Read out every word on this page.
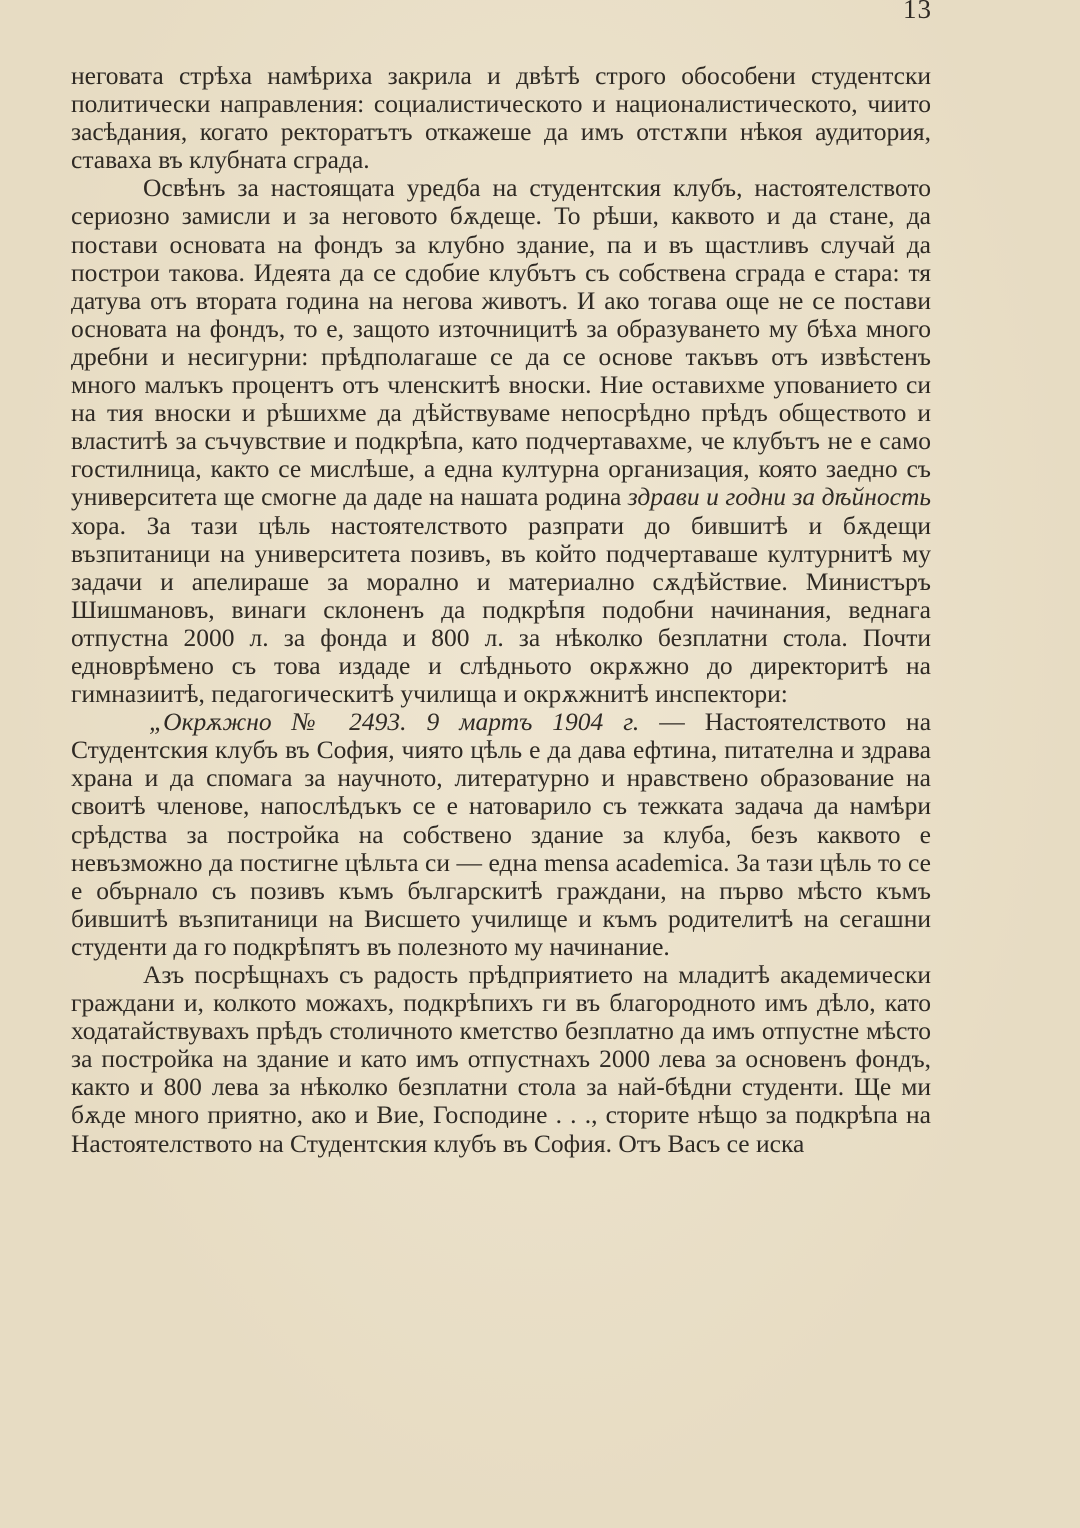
13

неговата стрѣха намѣриха закрила и двѣтѣ строго обособени студентски политически направления: социалистическото и националистическото, чиито засѣдания, когато ректоратътъ откажеше да имъ отстѫпи нѣкоя аудитория, ставаха въ клубната сграда.

Освѣнъ за настоящата уредба на студентския клубъ, настоятелството сериозно замисли и за неговото бѫдеще. То рѣши, каквото и да стане, да постави основата на фондъ за клубно здание, па и въ щастливъ случай да построи такова. Идеята да се сдобие клубътъ съ собствена сграда е стара: тя датува отъ втората година на негова животъ. И ако тогава още не се постави основата на фондъ, то е, защото източницитѣ за образуването му бѣха много дребни и несигурни: прѣдполагаше се да се основе такъвъ отъ извѣстенъ много малъкъ процентъ отъ членскитѣ вноски. Ние оставихме упованието си на тия вноски и рѣшихме да дѣйствуваме непосрѣдно прѣдъ обществото и властитѣ за съчувствие и подкрѣпа, като подчертавахме, че клубътъ не е само гостилница, както се мислѣше, а една културна организация, която заедно съ университета ще смогне да даде на нашата родина здрави и годни за дѣйность хора. За тази цѣль настоятелството разпрати до бившитѣ и бѫдещи възпитаници на университета позивъ, въ който подчертаваше културнитѣ му задачи и апелираше за морално и материално сѫдѣйствие. Министъръ Шишмановъ, винаги склоненъ да подкрѣпя подобни начинания, веднага отпустна 2000 л. за фонда и 800 л. за нѣколко безплатни стола. Почти едноврѣмено съ това издаде и слѣдньото окрѫжно до директоритѣ на гимназиитѣ, педагогическитѣ училища и окрѫжнитѣ инспектори:

„Окрѫжно № 2493. 9 мартъ 1904 г. — Настоятелството на Студентския клубъ въ София, чиято цѣль е да дава ефтина, питателна и здрава храна и да спомага за научното, литературно и нравствено образование на своитѣ членове, напослѣдъкъ се е натоварило съ тежката задача да намѣри срѣдства за постройка на собствено здание за клуба, безъ каквото е невъзможно да постигне цѣльта си — една mensa academica. За тази цѣль то се е обърнало съ позивъ къмъ българскитѣ граждани, на първо мѣсто къмъ бившитѣ възпитаници на Висшето училище и къмъ родителитѣ на сегашни студенти да го подкрѣпятъ въ полезното му начинание.

Азъ посрѣщнахъ съ радость прѣдприятието на младитѣ академически граждани и, колкото можахъ, подкрѣпихъ ги въ благородното имъ дѣло, като ходатайствувахъ прѣдъ столичното кметство безплатно да имъ отпустне мѣсто за постройка на здание и като имъ отпустнахъ 2000 лева за основенъ фондъ, както и 800 лева за нѣколко безплатни стола за най-бѣдни студенти. Ще ми бѫде много приятно, ако и Вие, Господине . . ., сторите нѣщо за подкрѣпа на Настоятелството на Студентския клубъ въ София. Отъ Васъ се иска
